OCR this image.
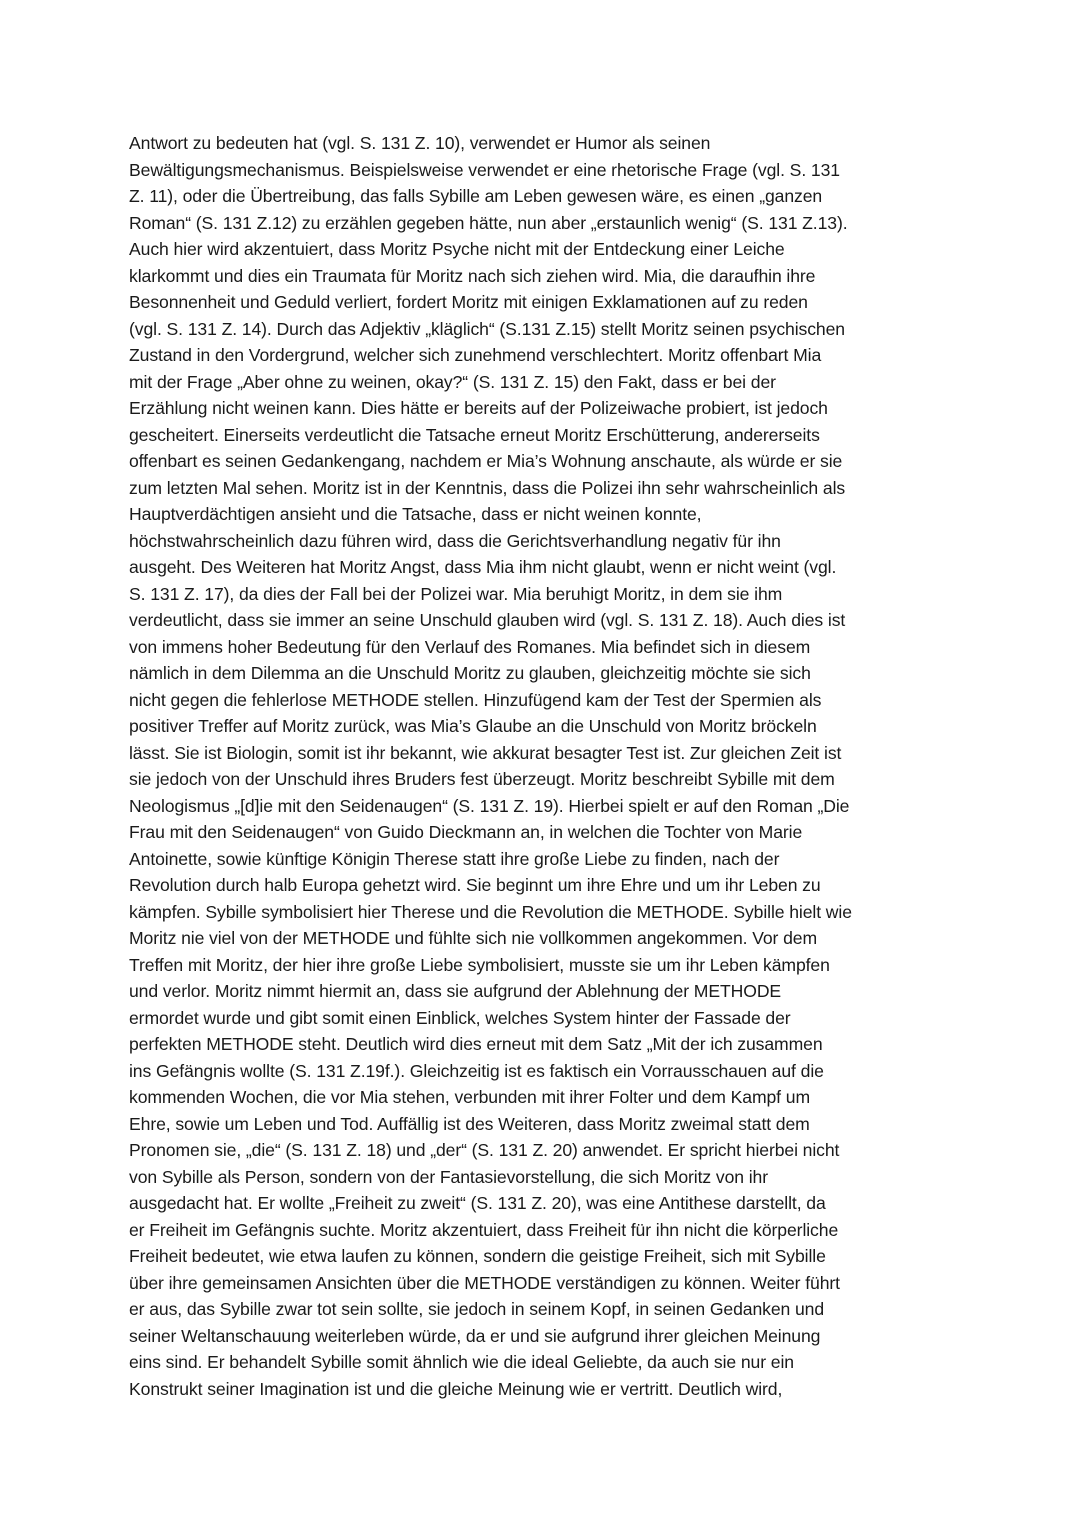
Antwort zu bedeuten hat (vgl. S. 131 Z. 10), verwendet er Humor als seinen
Bewältigungsmechanismus. Beispielsweise verwendet er eine rhetorische Frage (vgl. S. 131
Z. 11), oder die Übertreibung, das falls Sybille am Leben gewesen wäre, es einen „ganzen
Roman“ (S. 131 Z.12) zu erzählen gegeben hätte, nun aber „erstaunlich wenig“ (S. 131 Z.13).
Auch hier wird akzentuiert, dass Moritz Psyche nicht mit der Entdeckung einer Leiche
klarkommt und dies ein Traumata für Moritz nach sich ziehen wird. Mia, die daraufhin ihre
Besonnenheit und Geduld verliert, fordert Moritz mit einigen Exklamationen auf zu reden
(vgl. S. 131 Z. 14). Durch das Adjektiv „kläglich“ (S.131 Z.15) stellt Moritz seinen psychischen
Zustand in den Vordergrund, welcher sich zunehmend verschlechtert. Moritz offenbart Mia
mit der Frage „Aber ohne zu weinen, okay?“ (S. 131 Z. 15) den Fakt, dass er bei der
Erzählung nicht weinen kann. Dies hätte er bereits auf der Polizeiwache probiert, ist jedoch
gescheitert. Einerseits verdeutlicht die Tatsache erneut Moritz Erschütterung, andererseits
offenbart es seinen Gedankengang, nachdem er Mia’s Wohnung anschaute, als würde er sie
zum letzten Mal sehen. Moritz ist in der Kenntnis, dass die Polizei ihn sehr wahrscheinlich als
Hauptverdächtigen ansieht und die Tatsache, dass er nicht weinen konnte,
höchstwahrscheinlich dazu führen wird, dass die Gerichtsverhandlung negativ für ihn
ausgeht. Des Weiteren hat Moritz Angst, dass Mia ihm nicht glaubt, wenn er nicht weint (vgl.
S. 131 Z. 17), da dies der Fall bei der Polizei war. Mia beruhigt Moritz, in dem sie ihm
verdeutlicht, dass sie immer an seine Unschuld glauben wird (vgl. S. 131 Z. 18). Auch dies ist
von immens hoher Bedeutung für den Verlauf des Romanes. Mia befindet sich in diesem
nämlich in dem Dilemma an die Unschuld Moritz zu glauben, gleichzeitig möchte sie sich
nicht gegen die fehlerlose METHODE stellen. Hinzufügend kam der Test der Spermien als
positiver Treffer auf Moritz zurück, was Mia’s Glaube an die Unschuld von Moritz bröckeln
lässt. Sie ist Biologin, somit ist ihr bekannt, wie akkurat besagter Test ist. Zur gleichen Zeit ist
sie jedoch von der Unschuld ihres Bruders fest überzeugt. Moritz beschreibt Sybille mit dem
Neologismus „[d]ie mit den Seidenaugen“ (S. 131 Z. 19). Hierbei spielt er auf den Roman „Die
Frau mit den Seidenaugen“ von Guido Dieckmann an, in welchen die Tochter von Marie
Antoinette, sowie künftige Königin Therese statt ihre große Liebe zu finden, nach der
Revolution durch halb Europa gehetzt wird. Sie beginnt um ihre Ehre und um ihr Leben zu
kämpfen. Sybille symbolisiert hier Therese und die Revolution die METHODE. Sybille hielt wie
Moritz nie viel von der METHODE und fühlte sich nie vollkommen angekommen. Vor dem
Treffen mit Moritz, der hier ihre große Liebe symbolisiert, musste sie um ihr Leben kämpfen
und verlor. Moritz nimmt hiermit an, dass sie aufgrund der Ablehnung der METHODE
ermordet wurde und gibt somit einen Einblick, welches System hinter der Fassade der
perfekten METHODE steht. Deutlich wird dies erneut mit dem Satz „Mit der ich zusammen
ins Gefängnis wollte (S. 131 Z.19f.). Gleichzeitig ist es faktisch ein Vorrausschauen auf die
kommenden Wochen, die vor Mia stehen, verbunden mit ihrer Folter und dem Kampf um
Ehre, sowie um Leben und Tod. Auffällig ist des Weiteren, dass Moritz zweimal statt dem
Pronomen sie, „die“ (S. 131 Z. 18) und „der“ (S. 131 Z. 20) anwendet. Er spricht hierbei nicht
von Sybille als Person, sondern von der Fantasievorstellung, die sich Moritz von ihr
ausgedacht hat. Er wollte „Freiheit zu zweit“ (S. 131 Z. 20), was eine Antithese darstellt, da
er Freiheit im Gefängnis suchte. Moritz akzentuiert, dass Freiheit für ihn nicht die körperliche
Freiheit bedeutet, wie etwa laufen zu können, sondern die geistige Freiheit, sich mit Sybille
über ihre gemeinsamen Ansichten über die METHODE verständigen zu können. Weiter führt
er aus, das Sybille zwar tot sein sollte, sie jedoch in seinem Kopf, in seinen Gedanken und
seiner Weltanschauung weiterleben würde, da er und sie aufgrund ihrer gleichen Meinung
eins sind. Er behandelt Sybille somit ähnlich wie die ideal Geliebte, da auch sie nur ein
Konstrukt seiner Imagination ist und die gleiche Meinung wie er vertritt. Deutlich wird,
